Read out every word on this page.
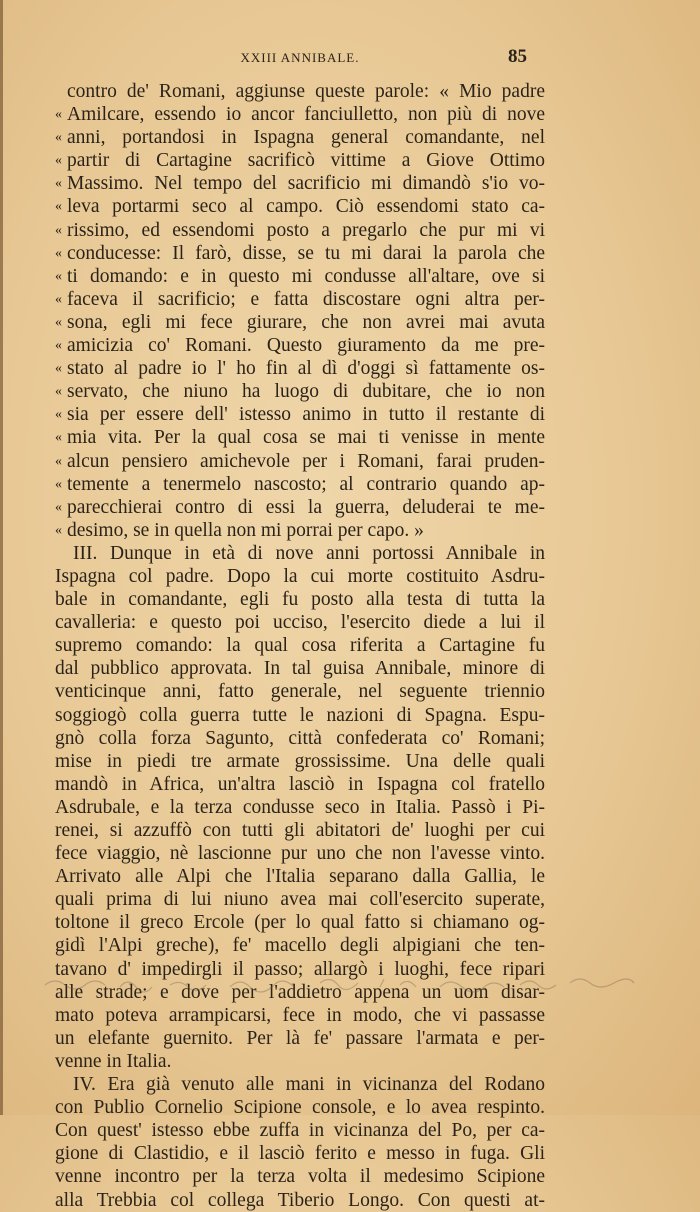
XXIII ANNIBALE.	85
contro de' Romani, aggiunse queste parole: « Mio padre
« Amilcare, essendo io ancor fanciulletto, non più di nove
« anni, portandosi in Ispagna general comandante, nel
« partir di Cartagine sacrificò vittime a Giove Ottimo
« Massimo. Nel tempo del sacrificio mi dimandò s'io vo-
« leva portarmi seco al campo. Ciò essendomi stato ca-
« rissimo, ed essendomi posto a pregarlo che pur mi vi
« conducesse: Il farò, disse, se tu mi darai la parola che
« ti domando: e in questo mi condusse all'altare, ove si
« faceva il sacrificio; e fatta discostare ogni altra per-
« sona, egli mi fece giurare, che non avrei mai avuta
« amicizia co' Romani. Questo giuramento da me pre-
« stato al padre io l' ho fin al dì d'oggi sì fattamente os-
« servato, che niuno ha luogo di dubitare, che io non
« sia per essere dell' istesso animo in tutto il restante di
« mia vita. Per la qual cosa se mai ti venisse in mente
« alcun pensiero amichevole per i Romani, farai pruden-
« temente a tenermelo nascosto; al contrario quando ap-
« parecchierai contro di essi la guerra, deluderai te me-
« desimo, se in quella non mi porrai per capo. »
III. Dunque in età di nove anni portossi Annibale in
Ispagna col padre. Dopo la cui morte costituito Asdru-
bale in comandante, egli fu posto alla testa di tutta la
cavalleria: e questo poi ucciso, l'esercito diede a lui il
supremo comando: la qual cosa riferita a Cartagine fu
dal pubblico approvata. In tal guisa Annibale, minore di
venticinque anni, fatto generale, nel seguente triennio
soggiogò colla guerra tutte le nazioni di Spagna. Espu-
gnò colla forza Sagunto, città confederata co' Romani;
mise in piedi tre armate grossissime. Una delle quali
mandò in Africa, un'altra lasciò in Ispagna col fratello
Asdrubale, e la terza condusse seco in Italia. Passò i Pi-
renei, si azzuffò con tutti gli abitatori de' luoghi per cui
fece viaggio, nè lascionne pur uno che non l'avesse vinto.
Arrivato alle Alpi che l'Italia separano dalla Gallia, le
quali prima di lui niuno avea mai coll'esercito superate,
toltone il greco Ercole (per lo qual fatto si chiamano og-
gidì l'Alpi greche), fe' macello degli alpigiani che ten-
tavano d' impedirgli il passo; allargò i luoghi, fece ripari
alle strade; e dove per l'addietro appena un uom disar-
mato poteva arrampicarsi, fece in modo, che vi passasse
un elefante guernito. Per là fe' passare l'armata e per-
venne in Italia.
IV. Era già venuto alle mani in vicinanza del Rodano
con Publio Cornelio Scipione console, e lo avea respinto.
Con quest' istesso ebbe zuffa in vicinanza del Po, per ca-
gione di Clastidio, e il lasciò ferito e messo in fuga. Gli
venne incontro per la terza volta il medesimo Scipione
alla Trebbia col collega Tiberio Longo. Con questi at-
